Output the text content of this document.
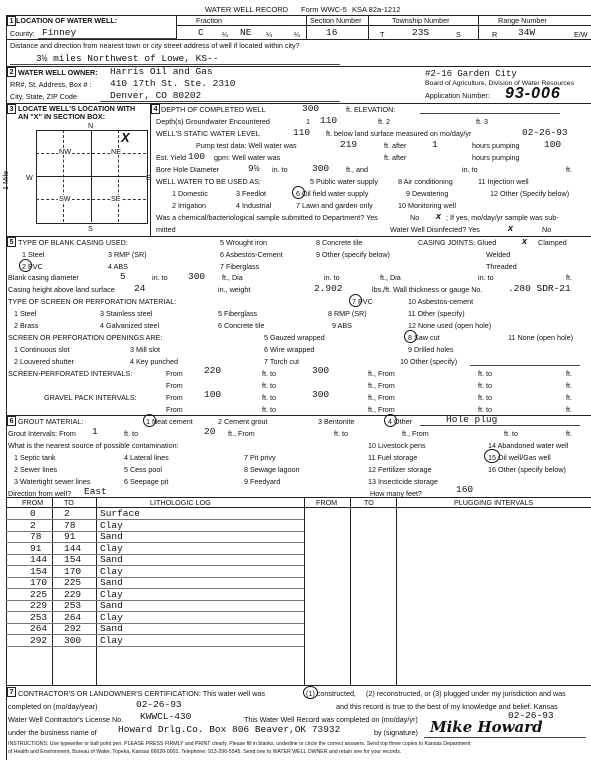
WATER WELL RECORD Form WWC-5 KSA 82a-1212
1 LOCATION OF WATER WELL:
County: Finney
Fraction
C	¼ NE ¼	¼
Section Number
16
Township Number
T	23S	S
Range Number
R 34W	E/W
Distance and direction from nearest town or city street address of well if located within city?
3½ miles Northwest of Lowe, KS--
2 WATER WELL OWNER: Harris Oil and Gas
RR#, St. Address, Box # : 410 17th St. Ste. 2310
City, State, ZIP Code	Denver, CO 80202
#2-16 Garden City
Board of Agriculture, Division of Water Resources
Application Number: 93-006
3 LOCATE WELL'S LOCATION WITH
AN "X" IN SECTION BOX:
N
S
W	E
1 Mile
NW	NE
SW	SE
X
4 DEPTH OF COMPLETED WELL	300	ft. ELEVATION:
Depth(s) Groundwater Encountered	1 110	ft. 2	ft. 3
WELL'S STATIC WATER LEVEL	110 ft. below land surface measured on mo/day/yr	02-26-93
Pump test data: Well water was	219	ft. after	1	hours pumping	100
Est. Yield 100 gpm: Well water was	ft. after	hours pumping
Bore Hole Diameter	9½ in. to	300 ft., and	in. to	ft.
WELL WATER TO BE USED AS:	5 Public water supply	8 Air conditioning	11 Injection well
1 Domestic	3 Feedlot	6 Oil field water supply	9 Dewatering	12 Other (Specify below)
2 Irrigation	4 Industrial	7 Lawn and garden only	10 Monitoring well
Was a chemical/bacteriological sample submitted to Department? Yes	No x ; If yes, mo/day/yr sample was sub-
mitted	Water Well Disinfected? Yes	x	No
5 TYPE OF BLANK CASING USED:	5 Wrought iron	8 Concrete tile	CASING JOINTS: Glued	x Clamped
1 Steel	3 RMP (SR)	6 Asbestos-Cement	9 Other (specify below)	Welded
2 PVC	4 ABS	7 Fiberglass	Threaded
Blank casing diameter	5	in. to 300 ft., Dia	in. to	ft., Dia	in. to	ft.
Casing height above land surface 24	in., weight	2.902	lbs./ft. Wall thickness or gauge No.	.280 SDR-21
TYPE OF SCREEN OR PERFORATION MATERIAL:	7 PVC	10 Asbestos-cement
1 Steel	3 Stainless steel	5 Fiberglass	8 RMP (SR)	11 Other (specify)
2 Brass	4 Galvanized steel	6 Concrete tile	9 ABS	12 None used (open hole)
SCREEN OR PERFORATION OPENINGS ARE:	5 Gauzed wrapped	8 Saw cut	11 None (open hole)
1 Continuous slot	3 Mill slot	6 Wire wrapped	9 Drilled holes
2 Louvered shutter	4 Key punched	7 Torch cut	10 Other (specify)
SCREEN-PERFORATED INTERVALS:	From 220	ft. to	300	ft., From	ft. to	ft.
From	ft. to	ft., From	ft. to	ft.
GRAVEL PACK INTERVALS:	From 100	ft. to	300	ft., From	ft. to	ft.
From	ft. to	ft., From	ft. to	ft.
6 GROUT MATERIAL:	1 Neat cement	2 Cement grout	3 Bentonite	4 Other	Hole plug
Grout Intervals: From 1	ft. to	20 ft., From	ft. to	ft., From	ft. to	ft.
What is the nearest source of possible contamination:	10 Livestock pens	14 Abandoned water well
1 Septic tank	4 Lateral lines	7 Pit privy	11 Fuel storage	15 Oil well/Gas well
2 Sewer lines	5 Cess pool	8 Sewage lagoon	12 Fertilizer storage	16 Other (specify below)
3 Watertight sewer lines	6 Seepage pit	9 Feedyard	13 Insecticide storage
Direction from well? East	How many feet?	160
FROM	TO	LITHOLOGIC LOG	FROM	TO	PLUGGING INTERVALS
0	2	Surface
2	78	Clay
78 91	Sand
91 144 Clay
144 154 Sand
154 170 Clay
170 225 Sand
225 229 Clay
229 253 Sand
253 264 Clay
264 292 Sand
292 300 Clay
7 CONTRACTOR'S OR LANDOWNER'S CERTIFICATION: This water well was	(1) constructed, (2) reconstructed, or (3) plugged under my jurisdiction and was
completed on (mo/day/year)	02-26-93	and this record is true to the best of my knowledge and belief. Kansas
Water Well Contractor's License No. KWWCL-430	This Water Well Record was completed on (mo/day/yr)	02-26-93
under the business name of Howard Drlg.Co. Box 806 Beaver,OK 73932	by (signature) Mike Howard
INSTRUCTIONS: Use typewriter or ball point pen. PLEASE PRESS FIRMLY and PRINT clearly. Please fill in blanks, underline or circle the correct answers. Send top three copies to Kansas Department
of Health and Environment, Bureau of Water, Topeka, Kansas 66620-0001. Telephone: 913-296-5545. Send one to WATER WELL OWNER and retain one for your records.
